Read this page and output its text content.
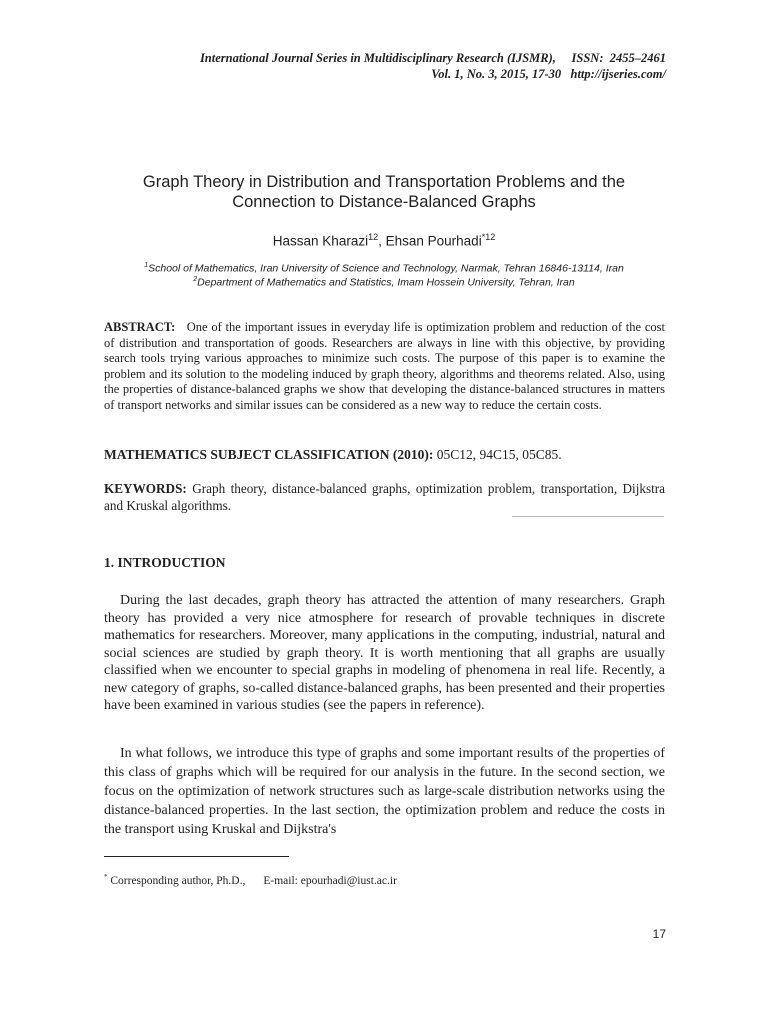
International Journal Series in Multidisciplinary Research (IJSMR),     ISSN:  2455–2461
Vol. 1, No. 3, 2015, 17-30   http://ijseries.com/
Graph Theory in Distribution and Transportation Problems and the
Connection to Distance-Balanced Graphs
Hassan Kharazi$^{12}$, Ehsan Pourhadi$^{*12}$
$^1$School of Mathematics, Iran University of Science and Technology, Narmak, Tehran 16846-13114, Iran
$^2$Department of Mathematics and Statistics, Imam Hossein University, Tehran, Iran
ABSTRACT: One of the important issues in everyday life is optimization problem and reduction of the cost of distribution and transportation of goods. Researchers are always in line with this objective, by providing search tools trying various approaches to minimize such costs. The purpose of this paper is to examine the problem and its solution to the modeling induced by graph theory, algorithms and theorems related. Also, using the properties of distance-balanced graphs we show that developing the distance-balanced structures in matters of transport networks and similar issues can be considered as a new way to reduce the certain costs.
MATHEMATICS SUBJECT CLASSIFICATION (2010): 05C12, 94C15, 05C85.
KEYWORDS: Graph theory, distance-balanced graphs, optimization problem, transportation, Dijkstra and Kruskal algorithms.
1. INTRODUCTION
During the last decades, graph theory has attracted the attention of many researchers. Graph theory has provided a very nice atmosphere for research of provable techniques in discrete mathematics for researchers. Moreover, many applications in the computing, industrial, natural and social sciences are studied by graph theory. It is worth mentioning that all graphs are usually classified when we encounter to special graphs in modeling of phenomena in real life. Recently, a new category of graphs, so-called distance-balanced graphs, has been presented and their properties have been examined in various studies (see the papers in reference).
In what follows, we introduce this type of graphs and some important results of the properties of this class of graphs which will be required for our analysis in the future. In the second section, we focus on the optimization of network structures such as large-scale distribution networks using the distance-balanced properties. In the last section, the optimization problem and reduce the costs in the transport using Kruskal and Dijkstra's
* Corresponding author, Ph.D., E-mail: epourhadi@iust.ac.ir
17
